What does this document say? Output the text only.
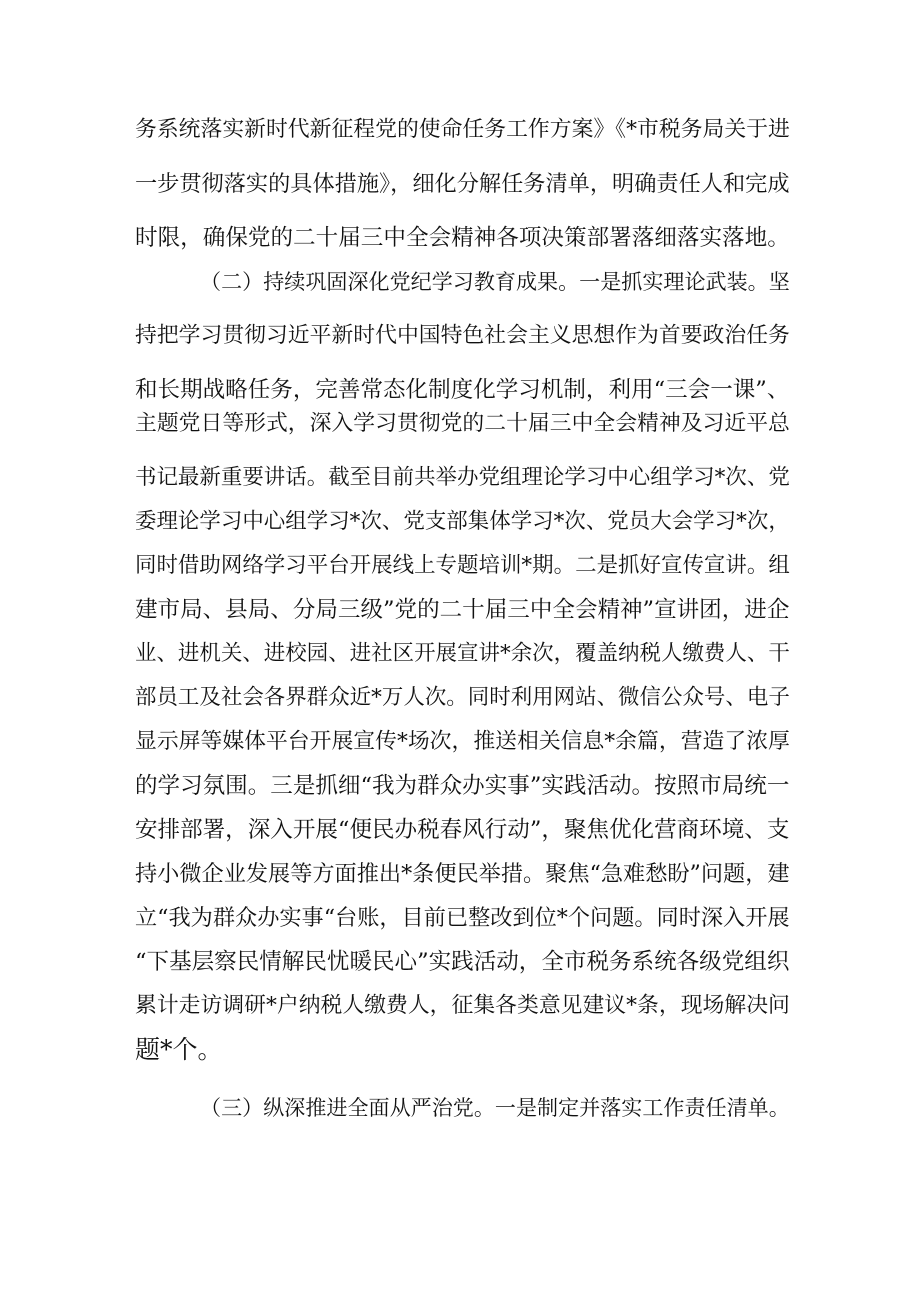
务系统落实新时代新征程党的使命任务工作方案》《*市税务局关于进
一步贯彻落实的具体措施》，细化分解任务清单，明确责任人和完成
时限，确保党的二十届三中全会精神各项决策部署落细落实落地。
（二）持续巩固深化党纪学习教育成果。一是抓实理论武装。坚
持把学习贯彻习近平新时代中国特色社会主义思想作为首要政治任务
和长期战略任务，完善常态化制度化学习机制，利用“三会一课”、
主题党日等形式，深入学习贯彻党的二十届三中全会精神及习近平总
书记最新重要讲话。截至目前共举办党组理论学习中心组学习*次、党
委理论学习中心组学习*次、党支部集体学习*次、党员大会学习*次，
同时借助网络学习平台开展线上专题培训*期。二是抓好宣传宣讲。组
建市局、县局、分局三级”党的二十届三中全会精神”宣讲团，进企
业、进机关、进校园、进社区开展宣讲*余次，覆盖纳税人缴费人、干
部员工及社会各界群众近*万人次。同时利用网站、微信公众号、电子
显示屏等媒体平台开展宣传*场次，推送相关信息*余篇，营造了浓厚
的学习氛围。三是抓细“我为群众办实事”实践活动。按照市局统一
安排部署，深入开展“便民办税春风行动”，聚焦优化营商环境、支
持小微企业发展等方面推出*条便民举措。聚焦“急难愁盼”问题，建
立“我为群众办实事“台账，目前已整改到位*个问题。同时深入开展
“下基层察民情解民忧暖民心”实践活动，全市税务系统各级党组织
累计走访调研*户纳税人缴费人，征集各类意见建议*条，现场解决问
题*个。
（三）纵深推进全面从严治党。一是制定并落实工作责任清单。
